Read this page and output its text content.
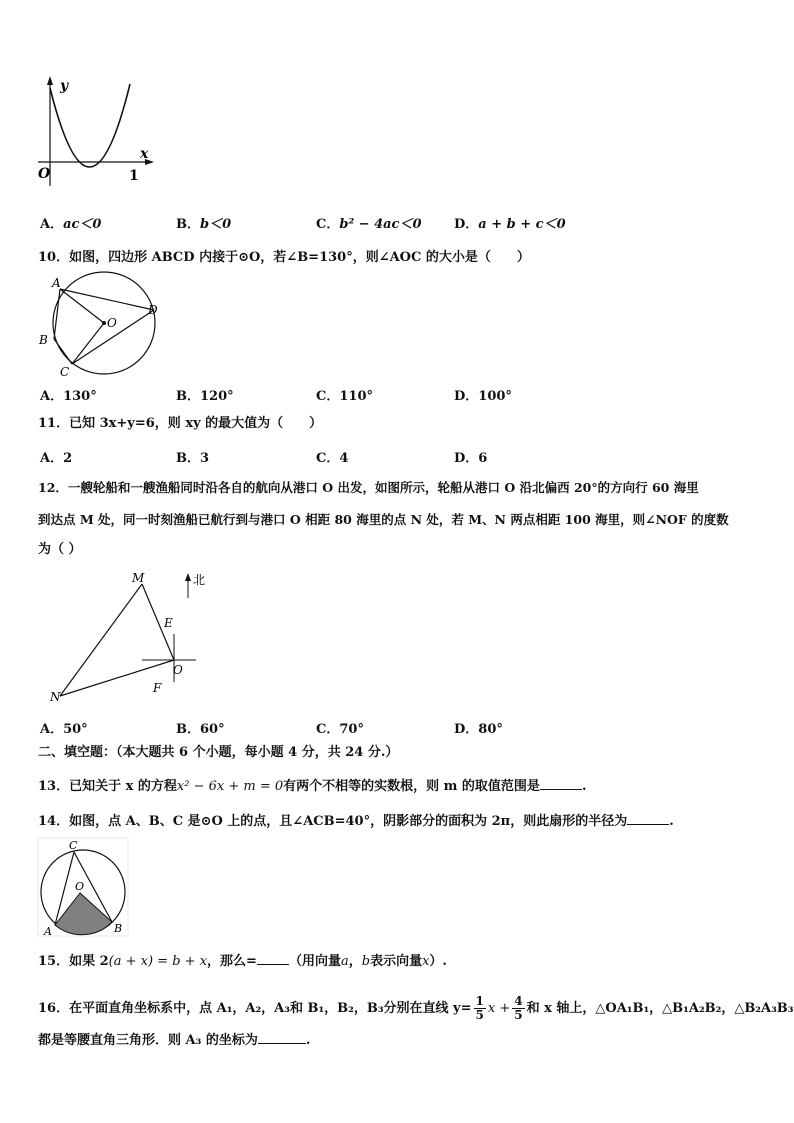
y
x
O	1
A．ac＜0	B．b＜0	C．b² − 4ac＜0 D．a + b + c＜0
10．如图，四边形 ABCD 内接于⊙O，若∠B=130°，则∠AOC 的大小是（　　）
A
B
C
D
O
A．130°	B．120°	C．110°	D．100°
11．已知 3x+y=6，则 xy 的最大值为（　　）
A．2	B．3	C．4	D．6
12．一艘轮船和一艘渔船同时沿各自的航向从港口 O 出发，如图所示，轮船从港口 O 沿北偏西 20°的方向行 60 海里
到达点 M 处，同一时刻渔船已航行到与港口 O 相距 80 海里的点 N 处，若 M、N 两点相距 100 海里，则∠NOF 的度数
为（ ）
北
M
N
E
F
O
A．50°	B．60°	C．70°	D．80°
二、填空题：（本大题共 6 个小题，每小题 4 分，共 24 分.）
13．已知关于 x 的方程x² − 6x + m = 0有两个不相等的实数根，则 m 的取值范围是	.
14．如图，点 A、B、C 是⊙O 上的点，且∠ACB=40°，阴影部分的面积为 2π，则此扇形的半径为	.
C
O
A	B
15．如果 2(a + x) = b + x，那么= （用向量a，b表示向量x）.
16．在平面直角坐标系中，点 A₁，A₂，A₃和 B₁，B₂，B₃分别在直线 $y= \frac{1}{5}$ $x + \frac{4}{5}$ 和 x 轴上，△OA₁B₁，△B₁A₂B₂，△B₂A₃B₃
都是等腰直角三角形．则 A₃ 的坐标为	.
